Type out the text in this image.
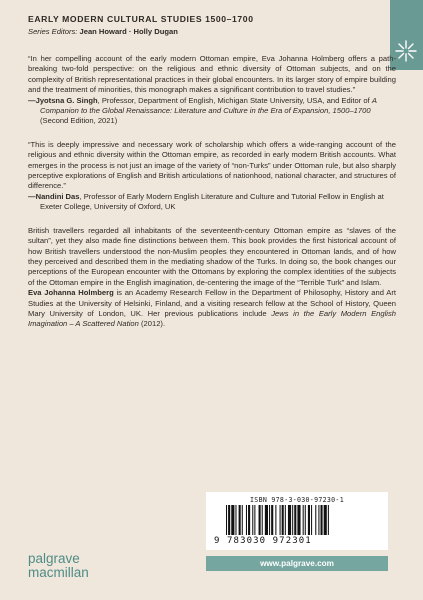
EARLY MODERN CULTURAL STUDIES 1500–1700
Series Editors: Jean Howard · Holly Dugan

“In her compelling account of the early modern Ottoman empire, Eva Johanna Holmberg offers a path-breaking two-fold perspective: on the religious and ethnic diversity of Ottoman subjects, and on the complexity of British representational practices in their global encounters. In its larger story of empire building and the treatment of minorities, this monograph makes a significant contribution to travel studies.”

—Jyotsna G. Singh, Professor, Department of English, Michigan State University, USA, and Editor of A Companion to the Global Renaissance: Literature and Culture in the Era of Expansion, 1500–1700 (Second Edition, 2021)

“This is deeply impressive and necessary work of scholarship which offers a wide-ranging account of the religious and ethnic diversity within the Ottoman empire, as recorded in early modern British accounts. What emerges in the process is not just an image of the variety of “non-Turks” under Ottoman rule, but also sharply perceptive explorations of English and British articulations of nationhood, national character, and structures of difference.”

—Nandini Das, Professor of Early Modern English Literature and Culture and Tutorial Fellow in English at Exeter College, University of Oxford, UK

British travellers regarded all inhabitants of the seventeenth-century Ottoman empire as “slaves of the sultan”, yet they also made fine distinctions between them. This book provides the first historical account of how British travellers understood the non-Muslim peoples they encountered in Ottoman lands, and of how they perceived and described them in the mediating shadow of the Turks. In doing so, the book changes our perceptions of the European encounter with the Ottomans by exploring the complex identities of the subjects of the Ottoman empire in the English imagination, de-centering the image of the “Terrible Turk” and Islam.

Eva Johanna Holmberg is an Academy Research Fellow in the Department of Philosophy, History and Art Studies at the University of Helsinki, Finland, and a visiting research fellow at the School of History, Queen Mary University of London, UK. Her previous publications include Jews in the Early Modern English Imagination – A Scattered Nation (2012).

ISBN 978-3-030-97230-1
9 783030 972301
www.palgrave.com
palgrave
macmillan
